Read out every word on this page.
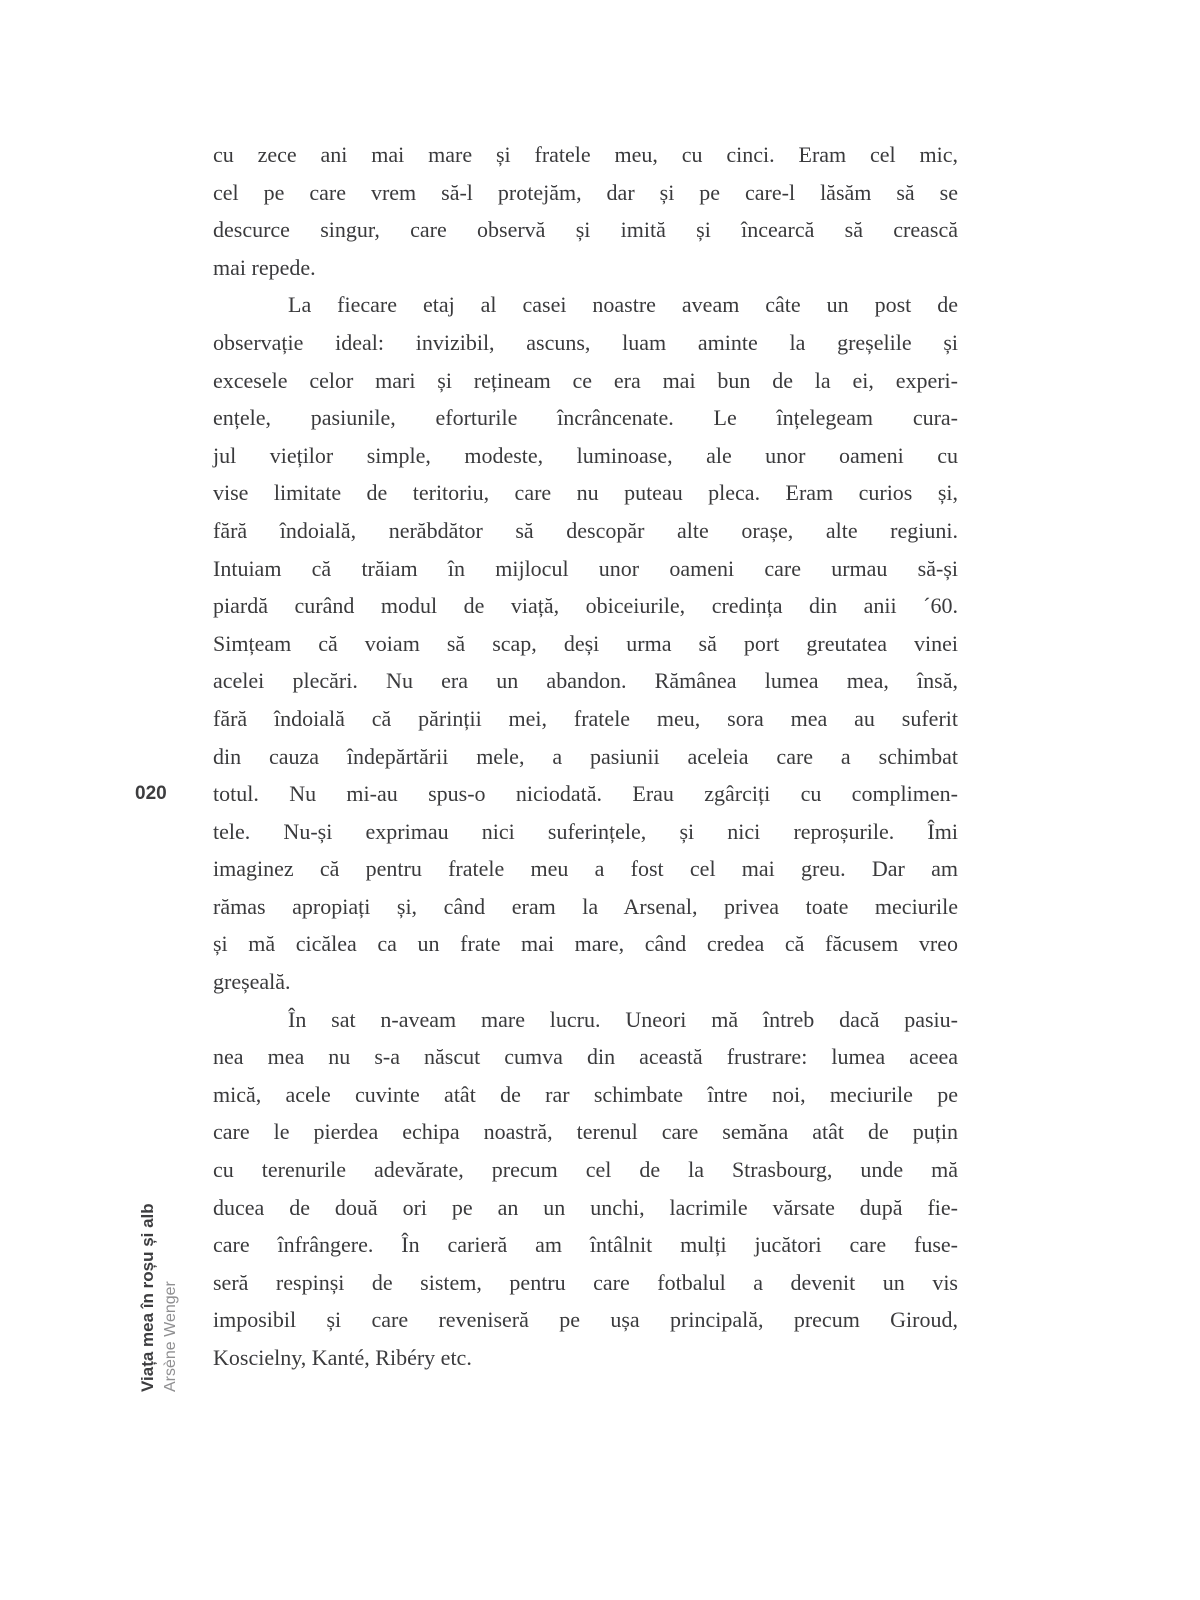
020
Viața mea în roșu și alb Arsène Wenger
cu zece ani mai mare și fratele meu, cu cinci. Eram cel mic,
cel pe care vrem să-l protejăm, dar și pe care-l lăsăm să se
descurce singur, care observă și imită și încearcă să crească
mai repede.
La fiecare etaj al casei noastre aveam câte un post de
observație ideal: invizibil, ascuns, luam aminte la greșelile și
excesele celor mari și rețineam ce era mai bun de la ei, experi-
ențele, pasiunile, eforturile încrâncenate. Le înțelegeam cura-
jul vieților simple, modeste, luminoase, ale unor oameni cu
vise limitate de teritoriu, care nu puteau pleca. Eram curios și,
fără îndoială, nerăbdător să descopăr alte orașe, alte regiuni.
Intuiam că trăiam în mijlocul unor oameni care urmau să-și
piardă curând modul de viață, obiceiurile, credința din anii ´60.
Simțeam că voiam să scap, deși urma să port greutatea vinei
acelei plecări. Nu era un abandon. Rămânea lumea mea, însă,
fără îndoială că părinții mei, fratele meu, sora mea au suferit
din cauza îndepărtării mele, a pasiunii aceleia care a schimbat
totul. Nu mi-au spus-o niciodată. Erau zgârciți cu complimen-
tele. Nu-și exprimau nici suferințele, și nici reproșurile. Îmi
imaginez că pentru fratele meu a fost cel mai greu. Dar am
rămas apropiați și, când eram la Arsenal, privea toate meciurile
și mă cicălea ca un frate mai mare, când credea că făcusem vreo
greșeală.
În sat n-aveam mare lucru. Uneori mă întreb dacă pasiu-
nea mea nu s-a născut cumva din această frustrare: lumea aceea
mică, acele cuvinte atât de rar schimbate între noi, meciurile pe
care le pierdea echipa noastră, terenul care semăna atât de puțin
cu terenurile adevărate, precum cel de la Strasbourg, unde mă
ducea de două ori pe an un unchi, lacrimile vărsate după fie-
care înfrângere. În carieră am întâlnit mulți jucători care fuse-
seră respinși de sistem, pentru care fotbalul a devenit un vis
imposibil și care reveniseră pe ușa principală, precum Giroud,
Koscielny, Kanté, Ribéry etc.
